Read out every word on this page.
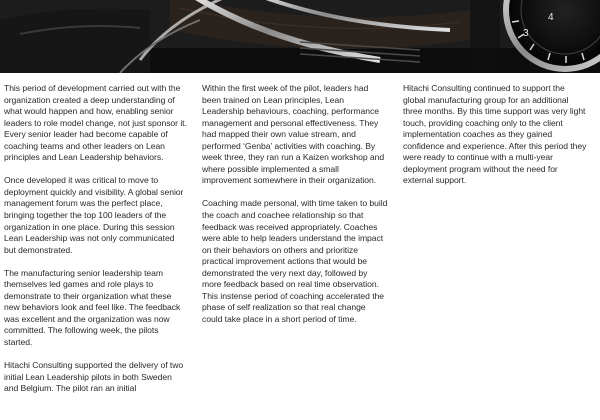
3
4

This period of development carried out with the organization created a deep understanding of what would happen and how, enabling senior leaders to role model change, not just sponsor it. Every senior leader had become capable of coaching teams and other leaders on Lean principles and Lean Leadership behaviors.

Once developed it was critical to move to deployment quickly and visibility. A global senior management forum was the perfect place, bringing together the top 100 leaders of the organization in one place. During this session Lean Leadership was not only communicated but demonstrated.

The manufacturing senior leadership team themselves led games and role plays to demonstrate to their organization what these new behaviors look and feel like. The feedback was excellent and the organization was now committed. The following week, the pilots started.

Hitachi Consulting supported the delivery of two initial Lean Leadership pilots in both Sweden and Belgium. The pilot ran an initial

Within the first week of the pilot, leaders had been trained on Lean principles, Lean Leadership behaviours, coaching, performance management and personal effectiveness. They had mapped their own value stream, and performed ‘Genba’ activities with coaching. By week three, they ran run a Kaizen workshop and where possible implemented a small improvement somewhere in their organization.

Coaching made personal, with time taken to build the coach and coachee relationship so that feedback was received appropriately. Coaches were able to help leaders understand the impact on their behaviors on others and prioritize practical improvement actions that would be demonstrated the very next day, followed by more feedback based on real time observation. This instense period of coaching accelerated the phase of self realization so that real change could take place in a short period of time.

Hitachi Consulting continued to support the global manufacturing group for an additional three months. By this time support was very light touch, providing coaching only to the client implementation coaches as they gained confidence and experience. After this period they were ready to continue with a multi-year deployment program without the need for external support.
